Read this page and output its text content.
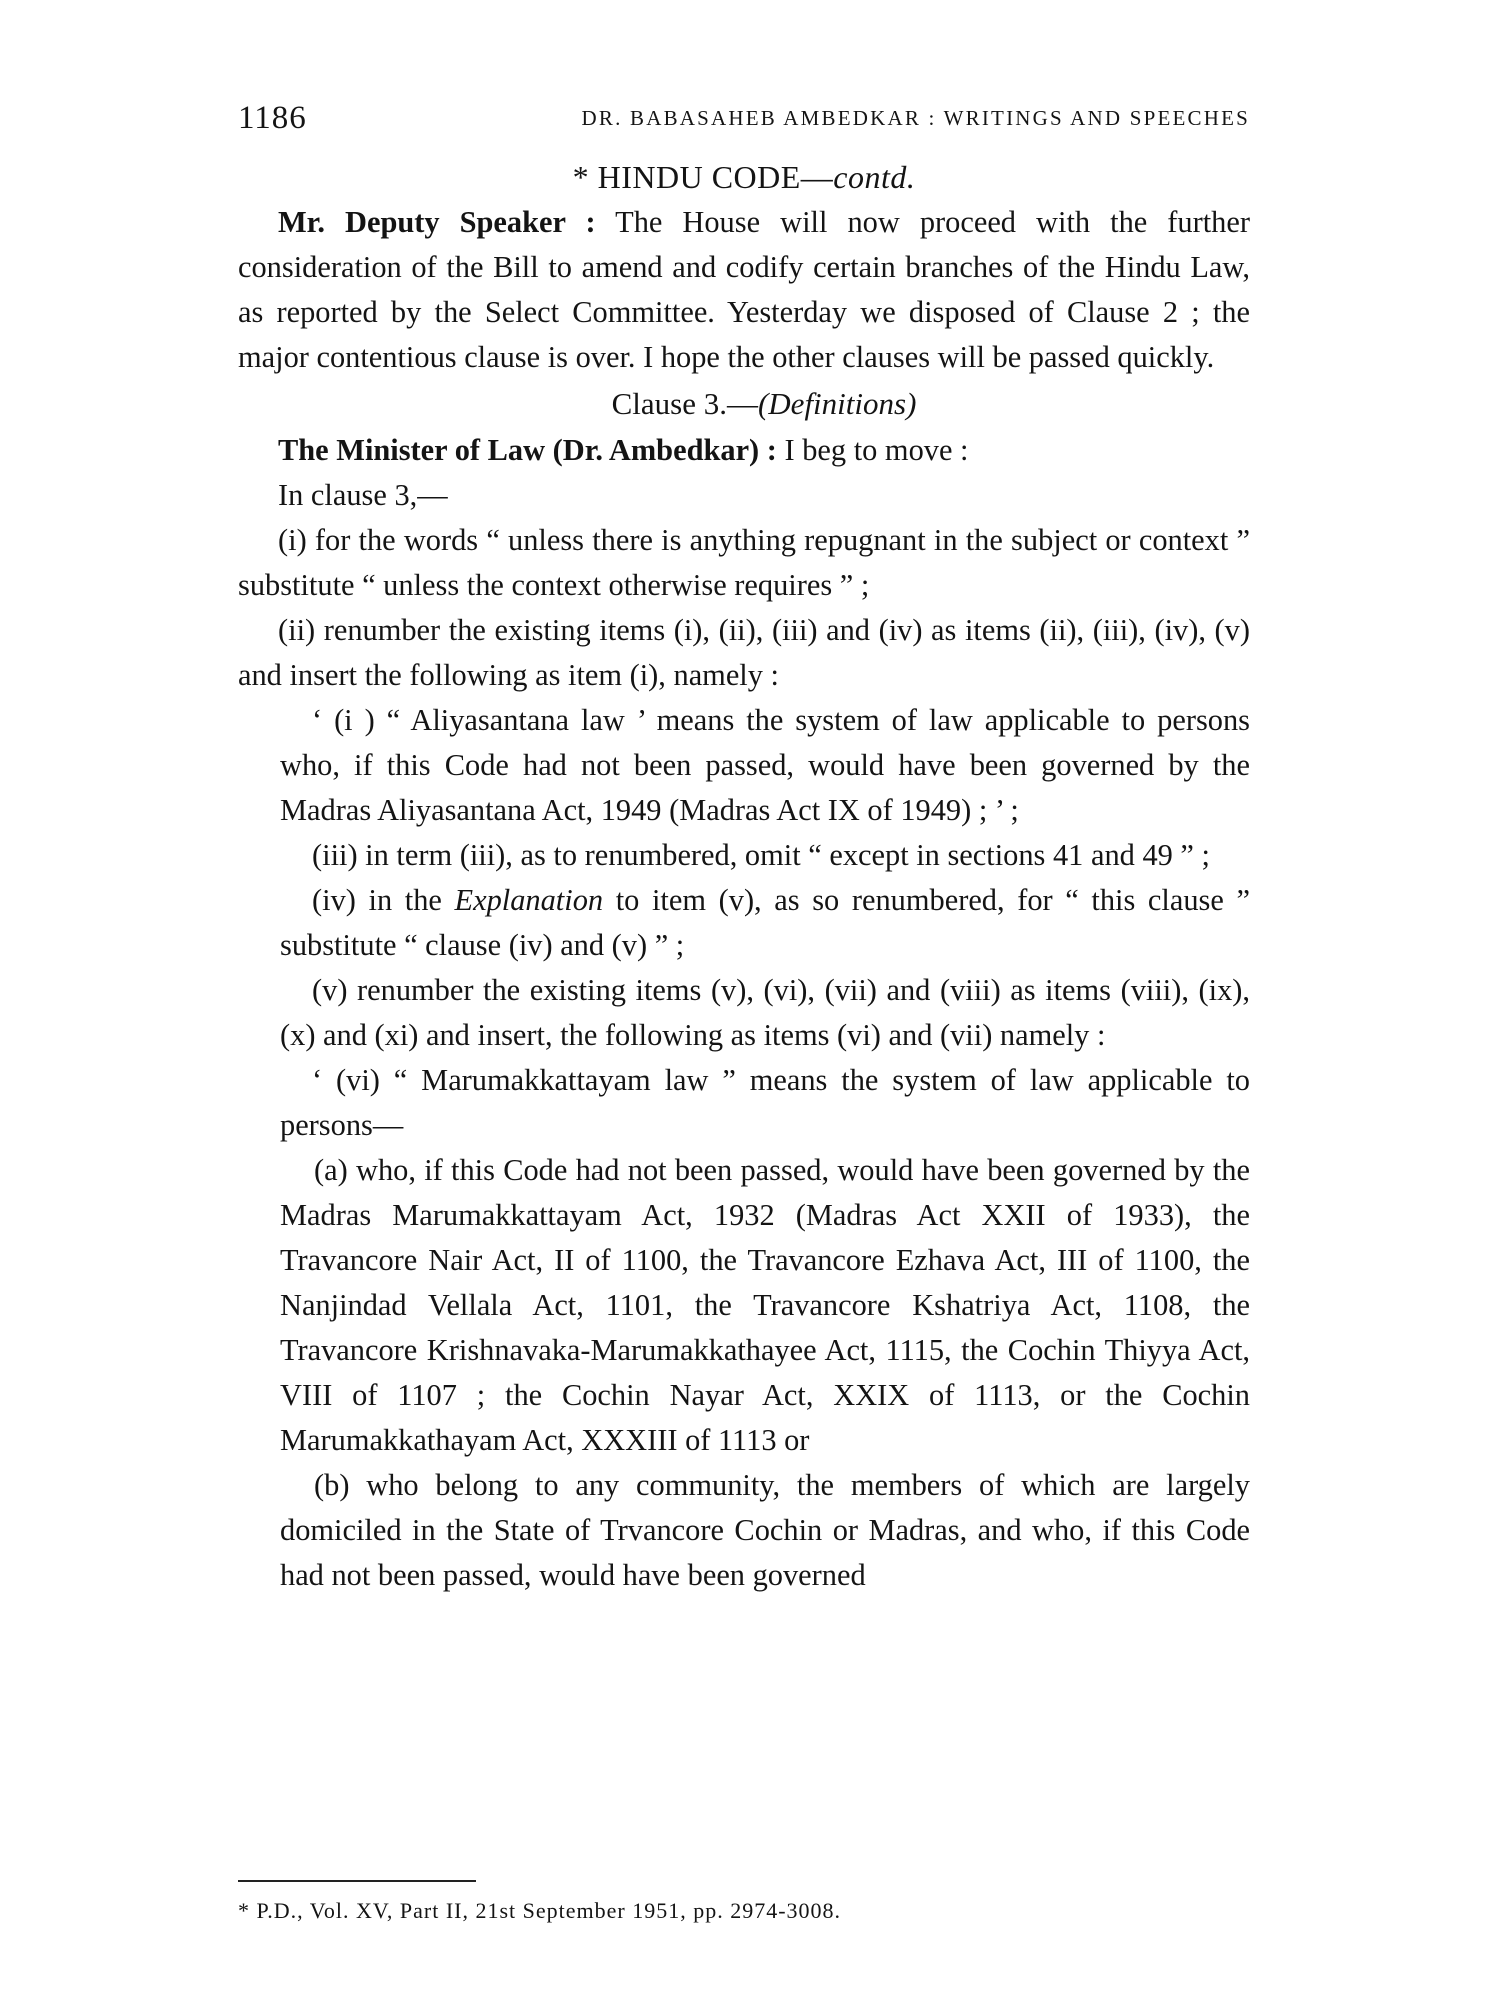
1186	DR. BABASAHEB AMBEDKAR : WRITINGS AND SPEECHES
* HINDU CODE—contd.

Mr. Deputy Speaker : The House will now proceed with the further consideration of the Bill to amend and codify certain branches of the Hindu Law, as reported by the Select Committee. Yesterday we disposed of Clause 2 ; the major contentious clause is over. I hope the other clauses will be passed quickly.

Clause 3.—(Definitions)

The Minister of Law (Dr. Ambedkar) : I beg to move :

In clause 3,—

(i) for the words “ unless there is anything repugnant in the subject or context ” substitute “ unless the context otherwise requires ” ;

(ii) renumber the existing items (i), (ii), (iii) and (iv) as items (ii), (iii), (iv), (v) and insert the following as item (i), namely :

‘ (i ) “ Aliyasantana law ’ means the system of law applicable to persons who, if this Code had not been passed, would have been governed by the Madras Aliyasantana Act, 1949 (Madras Act IX of 1949) ; ’ ;

(iii) in term (iii), as to renumbered, omit “ except in sections 41 and 49 ” ;

(iv) in the Explanation to item (v), as so renumbered, for “ this clause ” substitute “ clause (iv) and (v) ” ;

(v) renumber the existing items (v), (vi), (vii) and (viii) as items (viii), (ix), (x) and (xi) and insert, the following as items (vi) and (vii) namely :

‘ (vi) “ Marumakkattayam law ” means the system of law applicable to persons—

(a) who, if this Code had not been passed, would have been governed by the Madras Marumakkattayam Act, 1932 (Madras Act XXII of 1933), the Travancore Nair Act, II of 1100, the Travancore Ezhava Act, III of 1100, the Nanjindad Vellala Act, 1101, the Travancore Kshatriya Act, 1108, the Travancore Krishnavaka-Marumakkathayee Act, 1115, the Cochin Thiyya Act, VIII of 1107 ; the Cochin Nayar Act, XXIX of 1113, or the Cochin Marumakkathayam Act, XXXIII of 1113 or

(b) who belong to any community, the members of which are largely domiciled in the State of Trvancore Cochin or Madras, and who, if this Code had not been passed, would have been governed

* P.D., Vol. XV, Part II, 21st September 1951, pp. 2974-3008.
